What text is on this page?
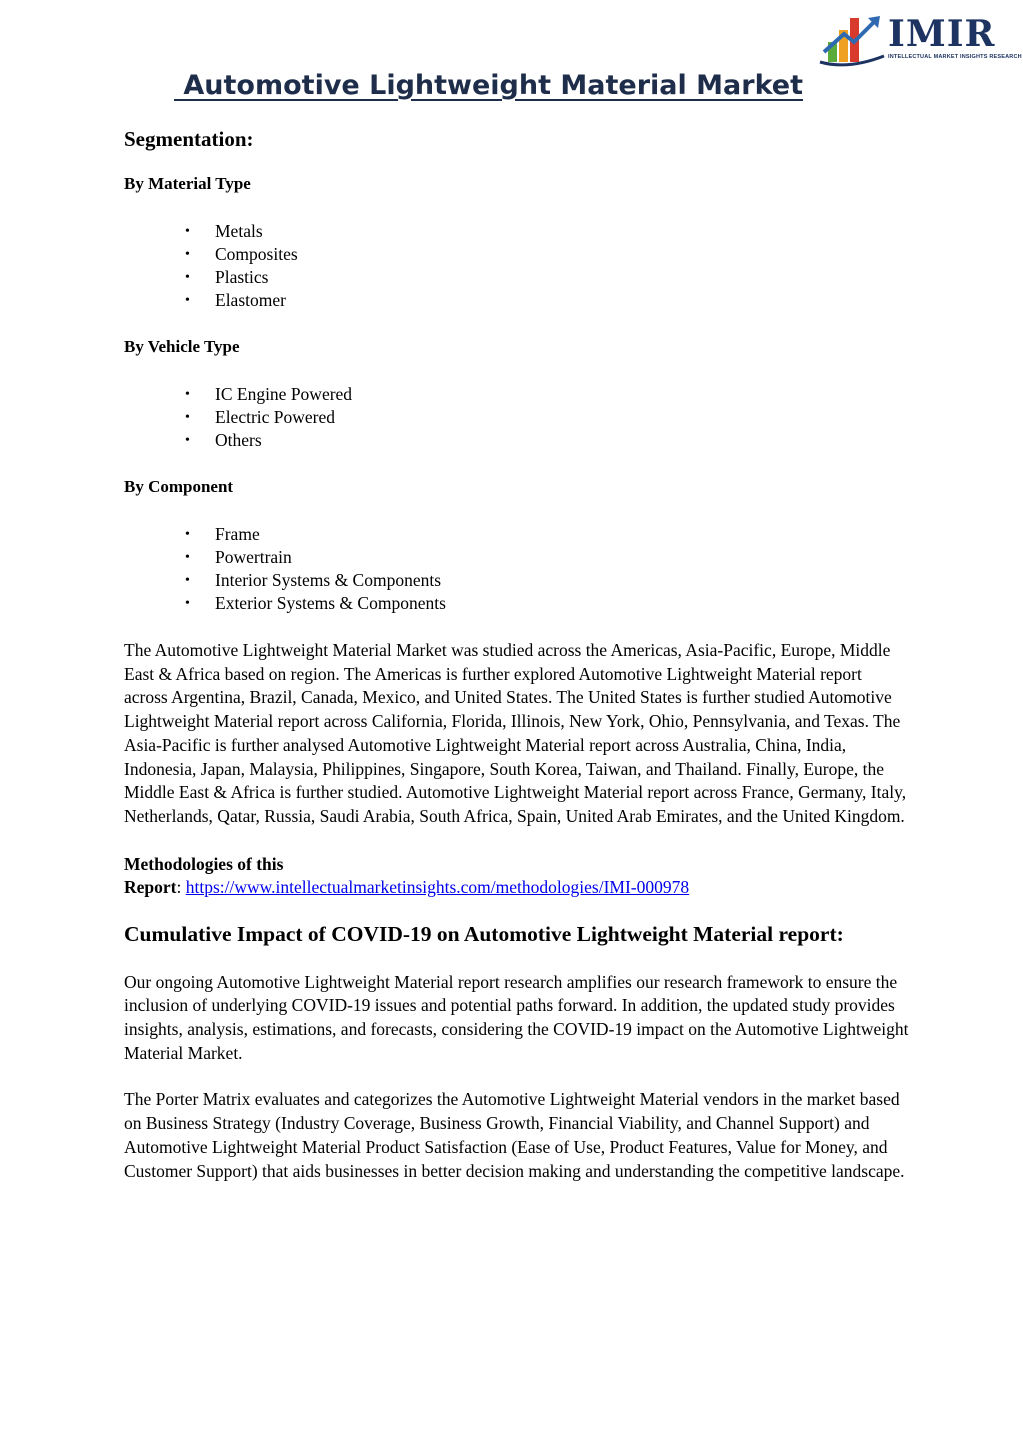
IMIR
INTELLECTUAL MARKET INSIGHTS RESEARCH
Automotive Lightweight Material Market
Segmentation:
By Material Type
• Metals
• Composites
• Plastics
• Elastomer
By Vehicle Type
• IC Engine Powered
• Electric Powered
• Others
By Component
• Frame
• Powertrain
• Interior Systems & Components
• Exterior Systems & Components

The Automotive Lightweight Material Market was studied across the Americas, Asia-Pacific, Europe, Middle East & Africa based on region. The Americas is further explored Automotive Lightweight Material report across Argentina, Brazil, Canada, Mexico, and United States. The United States is further studied Automotive Lightweight Material report across California, Florida, Illinois, New York, Ohio, Pennsylvania, and Texas. The Asia-Pacific is further analysed Automotive Lightweight Material report across Australia, China, India, Indonesia, Japan, Malaysia, Philippines, Singapore, South Korea, Taiwan, and Thailand. Finally, Europe, the Middle East & Africa is further studied. Automotive Lightweight Material report across France, Germany, Italy, Netherlands, Qatar, Russia, Saudi Arabia, South Africa, Spain, United Arab Emirates, and the United Kingdom.

Methodologies of this
Report: https://www.intellectualmarketinsights.com/methodologies/IMI-000978
Cumulative Impact of COVID-19 on Automotive Lightweight Material report:

Our ongoing Automotive Lightweight Material report research amplifies our research framework to ensure the inclusion of underlying COVID-19 issues and potential paths forward. In addition, the updated study provides insights, analysis, estimations, and forecasts, considering the COVID-19 impact on the Automotive Lightweight Material Market.

The Porter Matrix evaluates and categorizes the Automotive Lightweight Material vendors in the market based on Business Strategy (Industry Coverage, Business Growth, Financial Viability, and Channel Support) and Automotive Lightweight Material Product Satisfaction (Ease of Use, Product Features, Value for Money, and Customer Support) that aids businesses in better decision making and understanding the competitive landscape.
